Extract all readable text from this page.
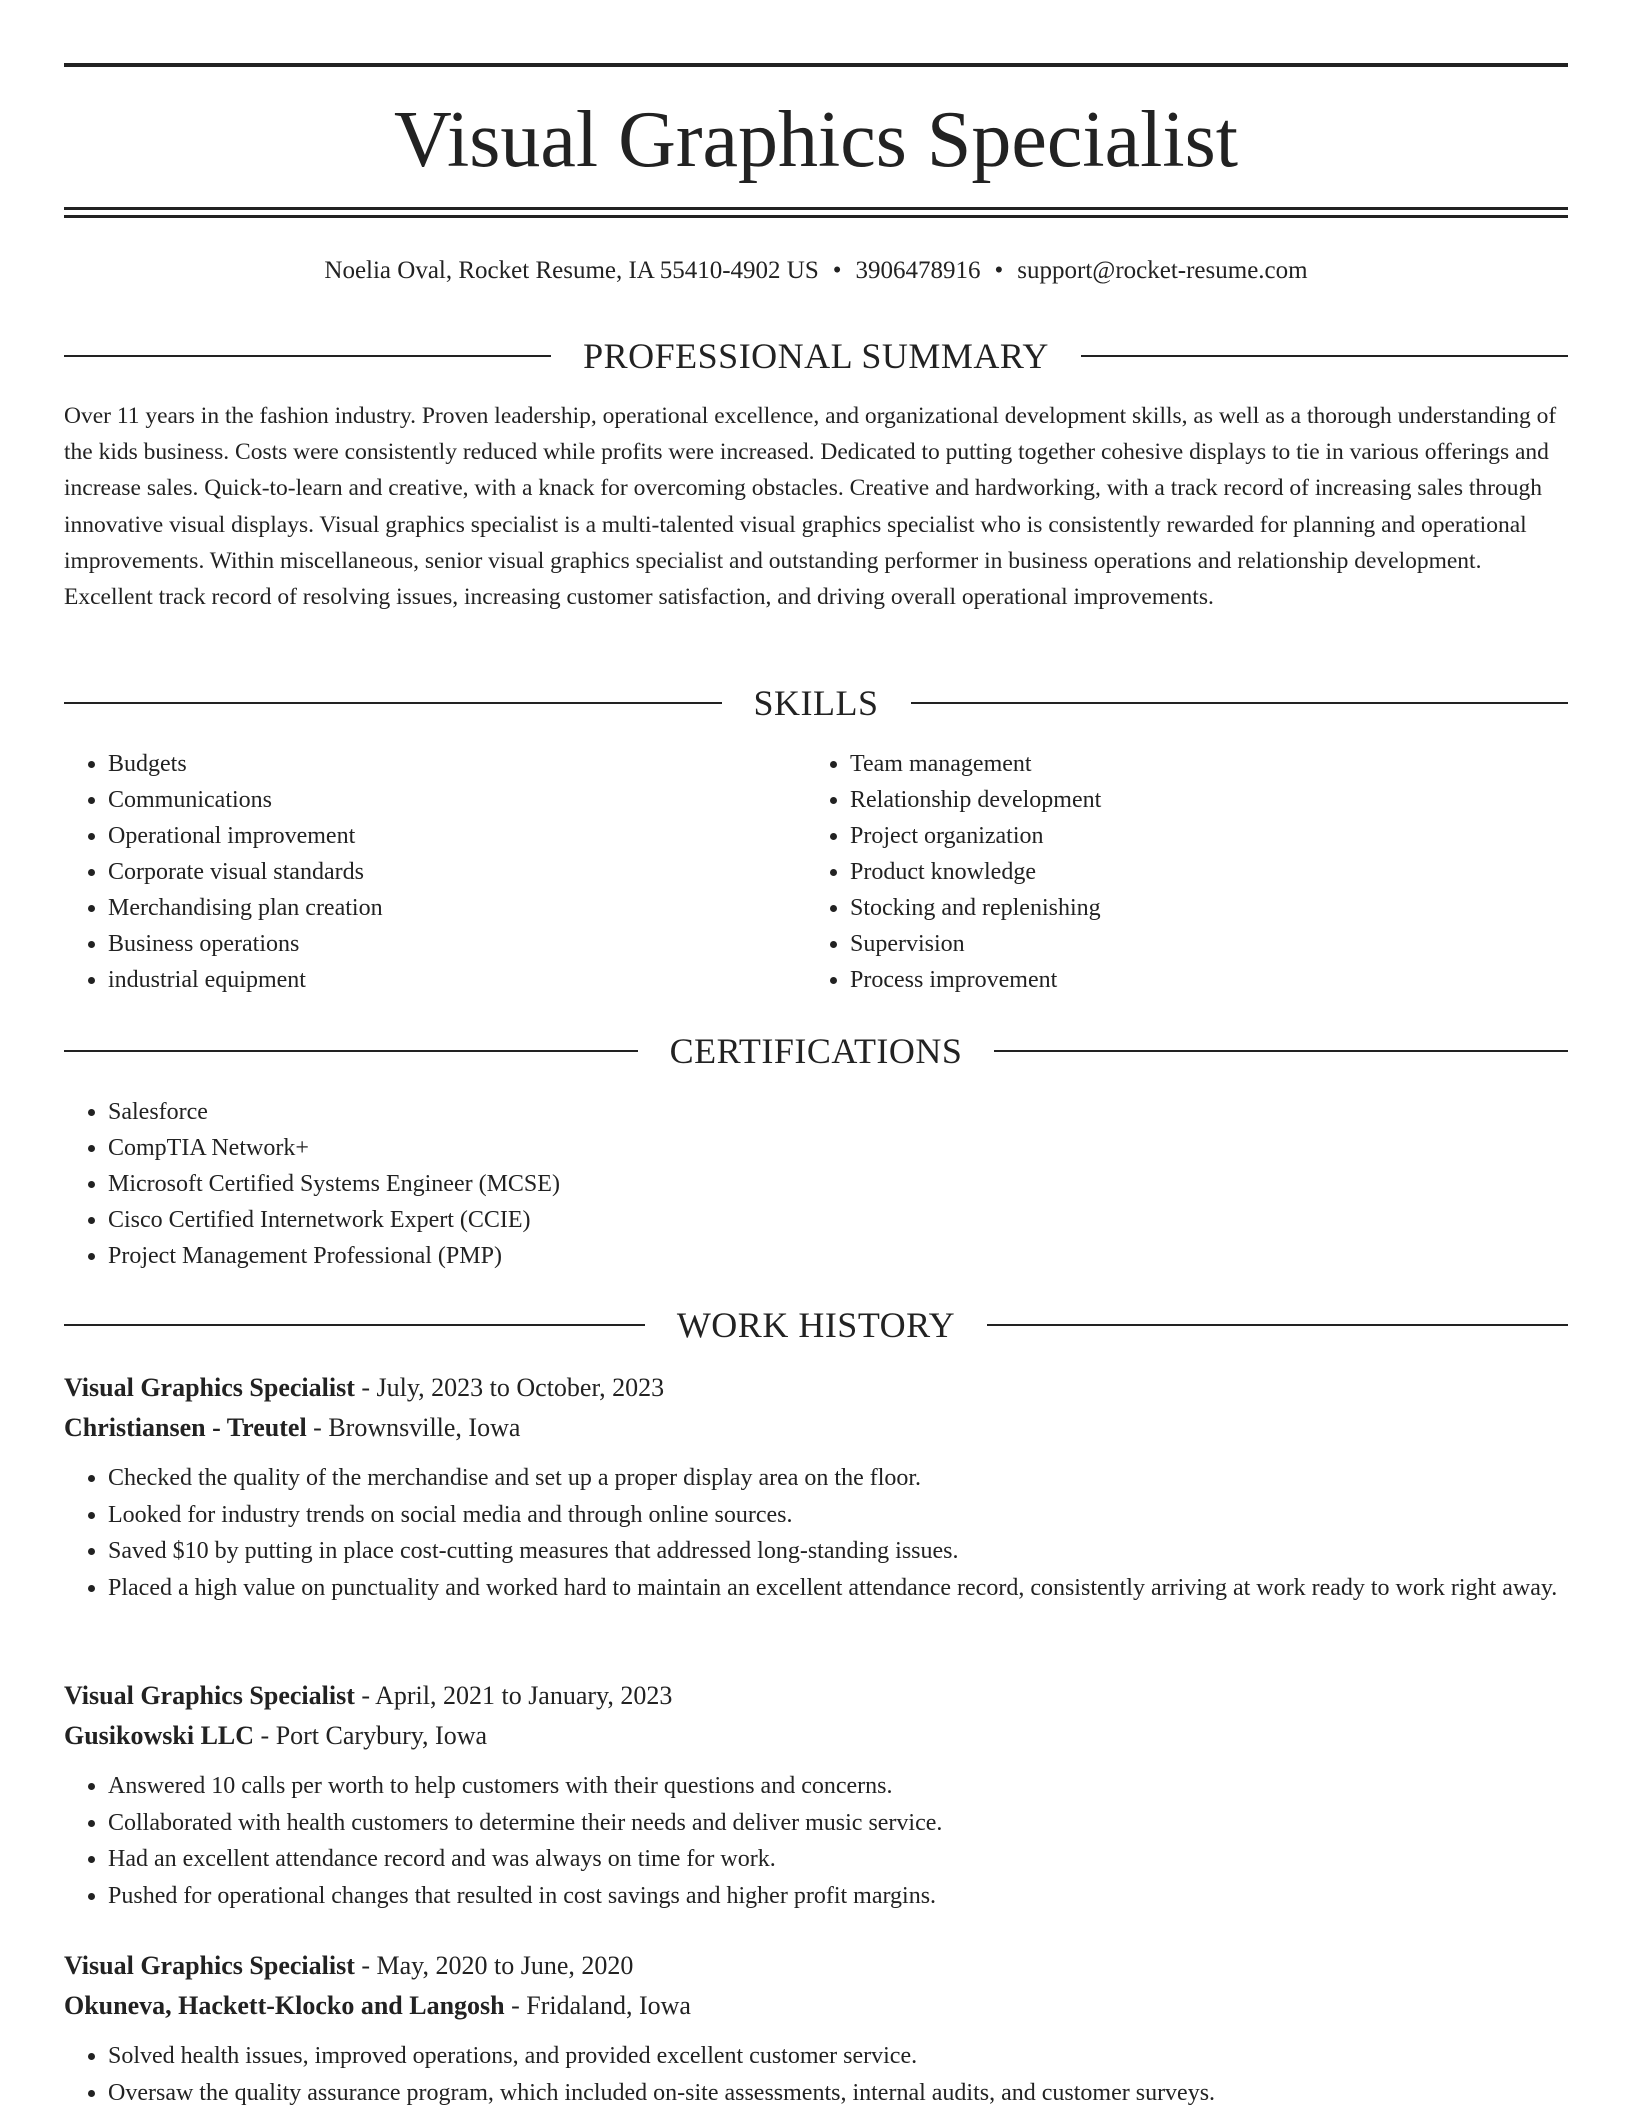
Visual Graphics Specialist
Noelia Oval, Rocket Resume, IA 55410-4902 US • 3906478916 • support@rocket-resume.com
PROFESSIONAL SUMMARY

Over 11 years in the fashion industry. Proven leadership, operational excellence, and organizational development skills, as well as a thorough understanding of the kids business. Costs were consistently reduced while profits were increased. Dedicated to putting together cohesive displays to tie in various offerings and increase sales. Quick-to-learn and creative, with a knack for overcoming obstacles. Creative and hardworking, with a track record of increasing sales through innovative visual displays. Visual graphics specialist is a multi-talented visual graphics specialist who is consistently rewarded for planning and operational improvements. Within miscellaneous, senior visual graphics specialist and outstanding performer in business operations and relationship development. Excellent track record of resolving issues, increasing customer satisfaction, and driving overall operational improvements.

SKILLS
• Budgets
• Communications
• Operational improvement
• Corporate visual standards
• Merchandising plan creation
• Business operations
• industrial equipment
• Team management
• Relationship development
• Project organization
• Product knowledge
• Stocking and replenishing
• Supervision
• Process improvement
CERTIFICATIONS
• Salesforce
• CompTIA Network+
• Microsoft Certified Systems Engineer (MCSE)
• Cisco Certified Internetwork Expert (CCIE)
• Project Management Professional (PMP)
WORK HISTORY
Visual Graphics Specialist - July, 2023 to October, 2023
Christiansen - Treutel - Brownsville, Iowa
• Checked the quality of the merchandise and set up a proper display area on the floor.
• Looked for industry trends on social media and through online sources.
• Saved $10 by putting in place cost-cutting measures that addressed long-standing issues.
• Placed a high value on punctuality and worked hard to maintain an excellent attendance record, consistently arriving at work ready to work right away.
Visual Graphics Specialist - April, 2021 to January, 2023
Gusikowski LLC - Port Carybury, Iowa
• Answered 10 calls per worth to help customers with their questions and concerns.
• Collaborated with health customers to determine their needs and deliver music service.
• Had an excellent attendance record and was always on time for work.
• Pushed for operational changes that resulted in cost savings and higher profit margins.
Visual Graphics Specialist - May, 2020 to June, 2020
Okuneva, Hackett-Klocko and Langosh - Fridaland, Iowa
• Solved health issues, improved operations, and provided excellent customer service.
• Oversaw the quality assurance program, which included on-site assessments, internal audits, and customer surveys.
